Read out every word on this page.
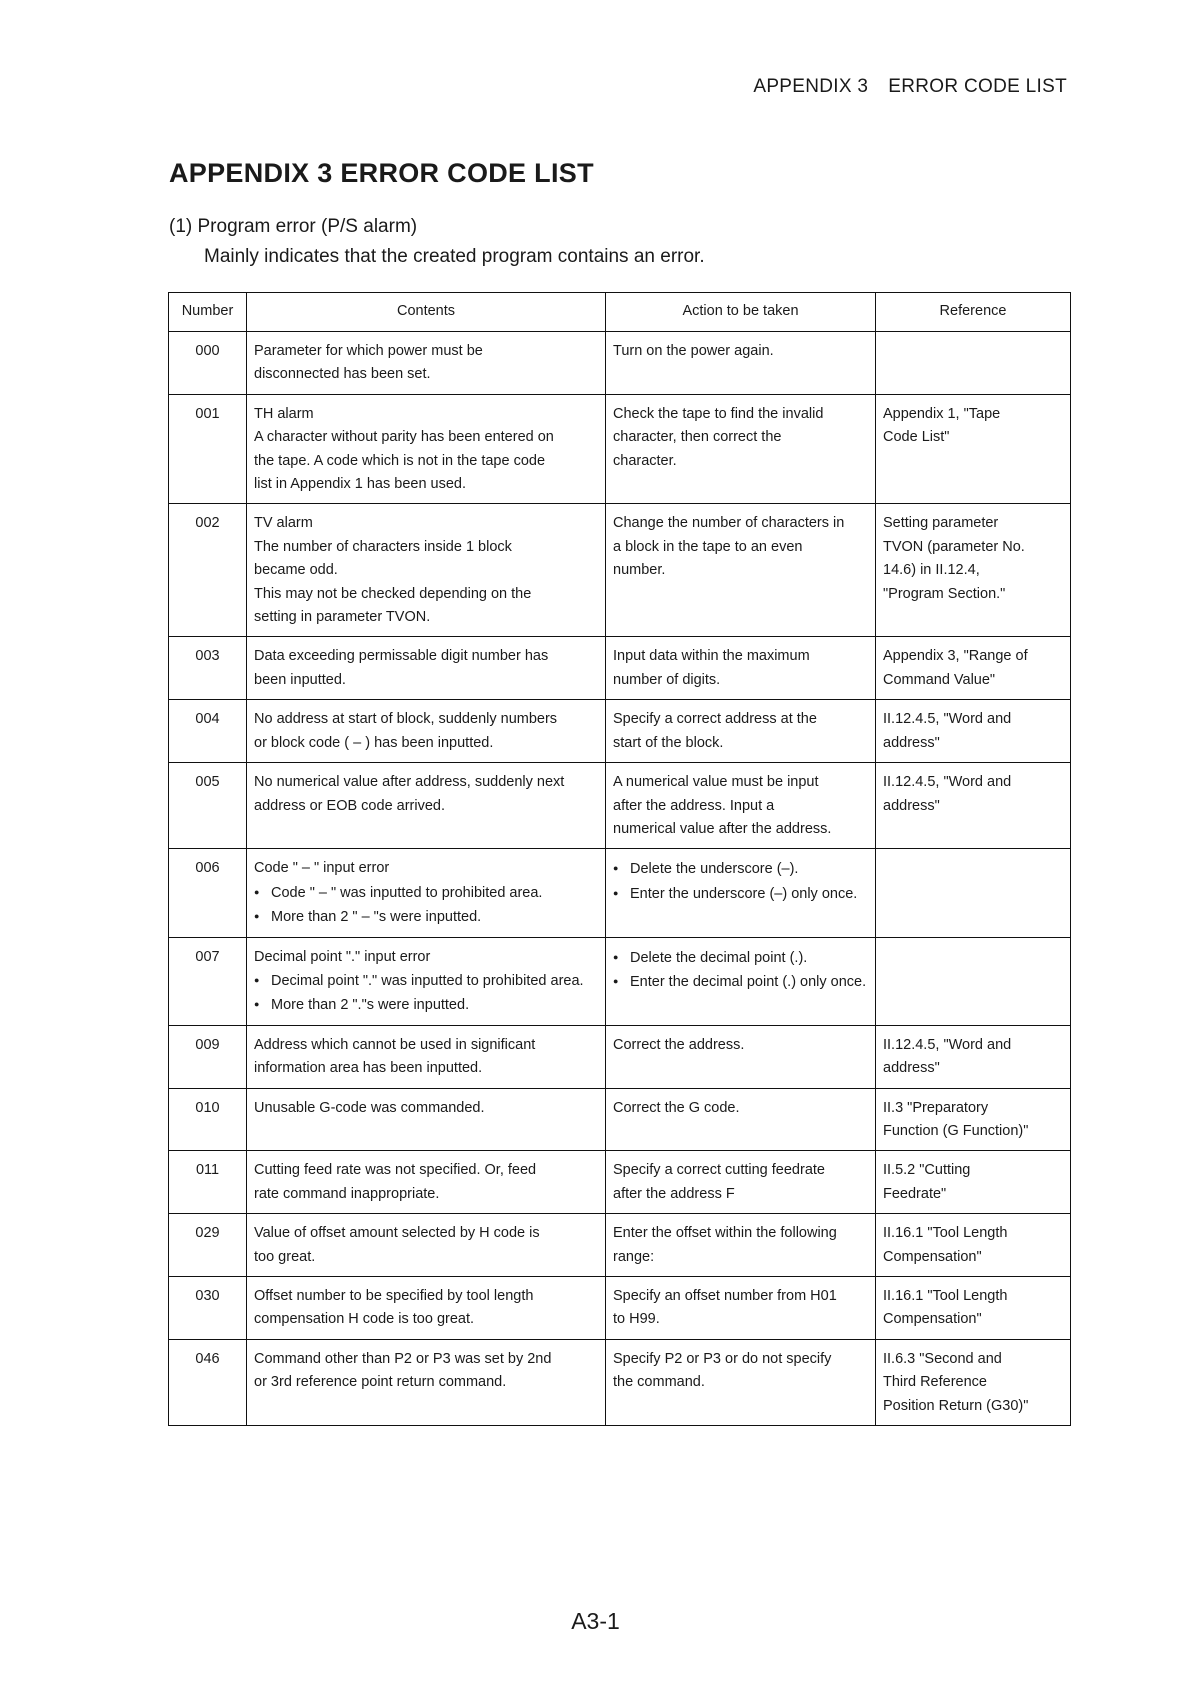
APPENDIX 3 ERROR CODE LIST
APPENDIX 3 ERROR CODE LIST
(1) Program error (P/S alarm)
Mainly indicates that the created program contains an error.
Number	Contents	Action to be taken	Reference
000	Parameter for which power must be
disconnected has been set.	Turn on the power again.	

001	TH alarm
A character without parity has been entered on
the tape. A code which is not in the tape code
list in Appendix 1 has been used.	Check the tape to find the invalid
character, then correct the
character.	Appendix 1, "Tape
Code List"

002	TV alarm
The number of characters inside 1 block
became odd.
This may not be checked depending on the
setting in parameter TVON.	Change the number of characters in
a block in the tape to an even
number.	Setting parameter
TVON (parameter No.
14.6) in II.12.4,
"Program Section."

003	Data exceeding permissable digit number has
been inputted.	Input data within the maximum
number of digits.	Appendix 3, "Range of
Command Value"

004	No address at start of block, suddenly numbers
or block code ( – ) has been inputted.	Specify a correct address at the
start of the block.	II.12.4.5, "Word and
address"

005	No numerical value after address, suddenly next
address or EOB code arrived.	A numerical value must be input
after the address. Input a
numerical value after the address.	II.12.4.5, "Word and
address"

006	Code " – " input error
● Code " – " was inputted to prohibited area.
● More than 2 " – "s were inputted.	● Delete the underscore (–).
● Enter the underscore (–) only once.

007	Decimal point "." input error
● Decimal point "." was inputted to prohibited area.
● More than 2 "."s were inputted.	● Delete the decimal point (.).
● Enter the decimal point (.) only once.

009	Address which cannot be used in significant
information area has been inputted.	Correct the address.	II.12.4.5, "Word and
address"

010	Unusable G-code was commanded.	Correct the G code.	II.3 "Preparatory
Function (G Function)"

011	Cutting feed rate was not specified. Or, feed
rate command inappropriate.	Specify a correct cutting feedrate
after the address F	II.5.2 "Cutting
Feedrate"

029	Value of offset amount selected by H code is
too great.	Enter the offset within the following
range:	II.16.1 "Tool Length
Compensation"

030	Offset number to be specified by tool length
compensation H code is too great.	Specify an offset number from H01
to H99.	II.16.1 "Tool Length
Compensation"

046	Command other than P2 or P3 was set by 2nd
or 3rd reference point return command.	Specify P2 or P3 or do not specify
the command.	II.6.3 "Second and
Third Reference
Position Return (G30)"
A3-1
